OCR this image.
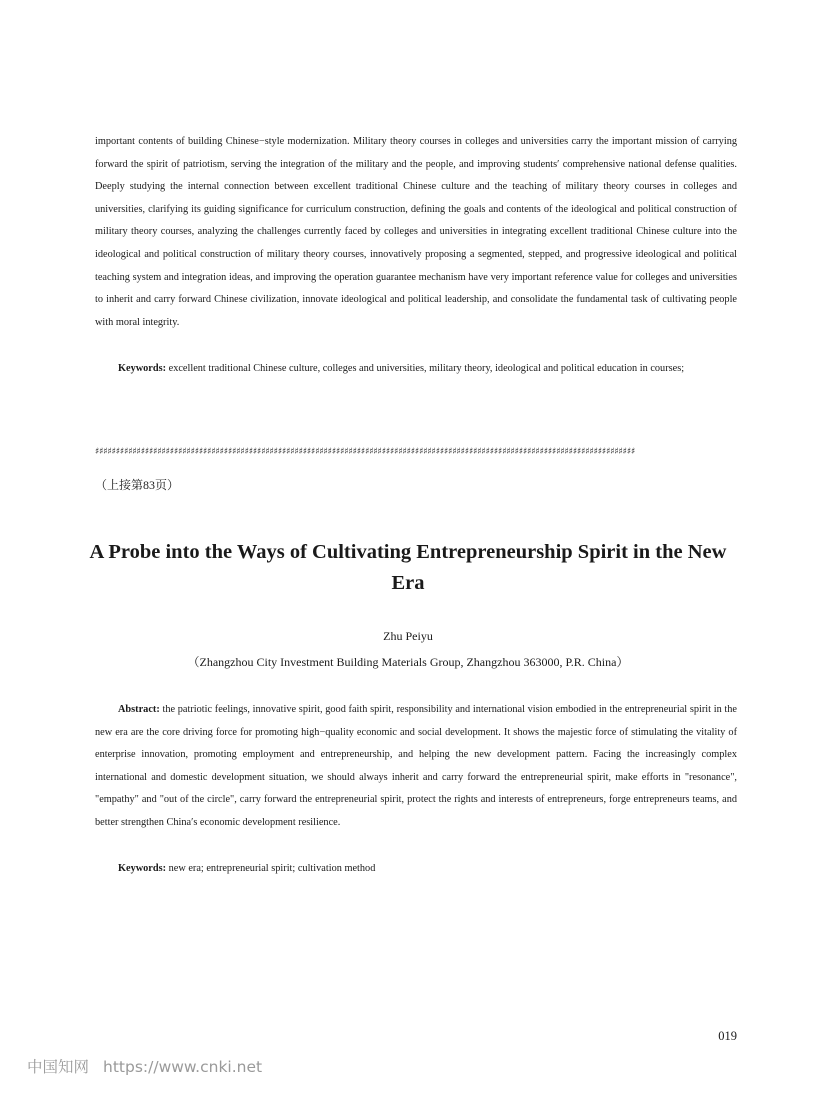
important contents of building Chinese−style modernization. Military theory courses in colleges and universities carry the important mission of carrying forward the spirit of patriotism, serving the integration of the military and the people, and improving students′ comprehensive national defense qualities. Deeply studying the internal connection between excellent traditional Chinese culture and the teaching of military theory courses in colleges and universities, clarifying its guiding significance for curriculum construction, defining the goals and contents of the ideological and political construction of military theory courses, analyzing the challenges currently faced by colleges and universities in integrating excellent traditional Chinese culture into the ideological and political construction of military theory courses, innovatively proposing a segmented, stepped, and progressive ideological and political teaching system and integration ideas, and improving the operation guarantee mechanism have very important reference value for colleges and universities to inherit and carry forward Chinese civilization, innovate ideological and political leadership, and consolidate the fundamental task of cultivating people with moral integrity.

Keywords: excellent traditional Chinese culture, colleges and universities, military theory, ideological and political education in courses;

♯♯♯♯♯♯♯♯♯♯♯♯♯♯♯♯♯♯♯♯♯♯♯♯♯♯♯♯♯♯♯♯♯♯♯♯♯♯♯♯♯♯♯♯♯♯♯♯♯♯♯♯♯♯♯♯♯♯♯♯♯♯♯♯♯♯♯♯♯♯♯♯♯♯♯♯♯♯♯♯♯♯♯♯♯♯♯♯♯♯♯♯♯♯♯♯♯♯♯♯♯♯♯♯♯♯♯♯♯♯♯♯♯♯♯♯♯♯♯♯♯♯♯♯♯♯♯♯♯♯
（上接第83页）
A Probe into the Ways of Cultivating Entrepreneurship Spirit in the New Era
Zhu Peiyu
（Zhangzhou City Investment Building Materials Group, Zhangzhou 363000, P.R. China）

Abstract: the patriotic feelings, innovative spirit, good faith spirit, responsibility and international vision embodied in the entrepreneurial spirit in the new era are the core driving force for promoting high−quality economic and social development. It shows the majestic force of stimulating the vitality of enterprise innovation, promoting employment and entrepreneurship, and helping the new development pattern. Facing the increasingly complex international and domestic development situation, we should always inherit and carry forward the entrepreneurial spirit, make efforts in "resonance", "empathy" and "out of the circle", carry forward the entrepreneurial spirit, protect the rights and interests of entrepreneurs, forge entrepreneurs teams, and better strengthen China′s economic development resilience.

Keywords: new era; entrepreneurial spirit; cultivation method

019
中国知网 https://www.cnki.net
